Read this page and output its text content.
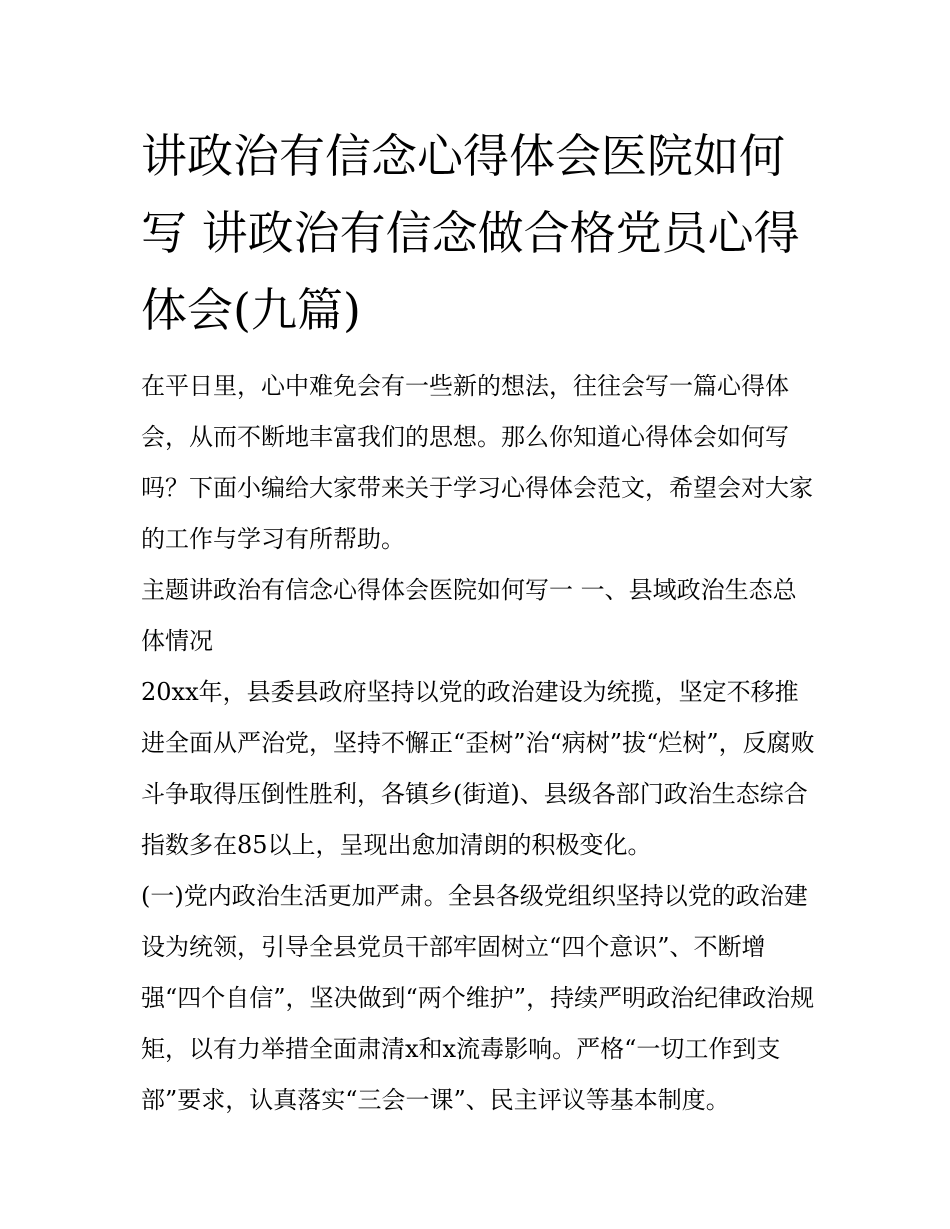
讲政治有信念心得体会医院如何写 讲政治有信念做合格党员心得体会(九篇)

在平日里，心中难免会有一些新的想法，往往会写一篇心得体会，从而不断地丰富我们的思想。那么你知道心得体会如何写吗？下面小编给大家带来关于学习心得体会范文，希望会对大家的工作与学习有所帮助。

主题讲政治有信念心得体会医院如何写一 一、县域政治生态总体情况

20xx年，县委县政府坚持以党的政治建设为统揽，坚定不移推进全面从严治党，坚持不懈正“歪树”治“病树”拔“烂树”，反腐败斗争取得压倒性胜利，各镇乡(街道)、县级各部门政治生态综合指数多在85以上，呈现出愈加清朗的积极变化。

(一)党内政治生活更加严肃。全县各级党组织坚持以党的政治建设为统领，引导全县党员干部牢固树立“四个意识”、不断增强“四个自信”，坚决做到“两个维护”，持续严明政治纪律政治规矩，以有力举措全面肃清x和x流毒影响。严格“一切工作到支部”要求，认真落实“三会一课”、民主评议等基本制度。
